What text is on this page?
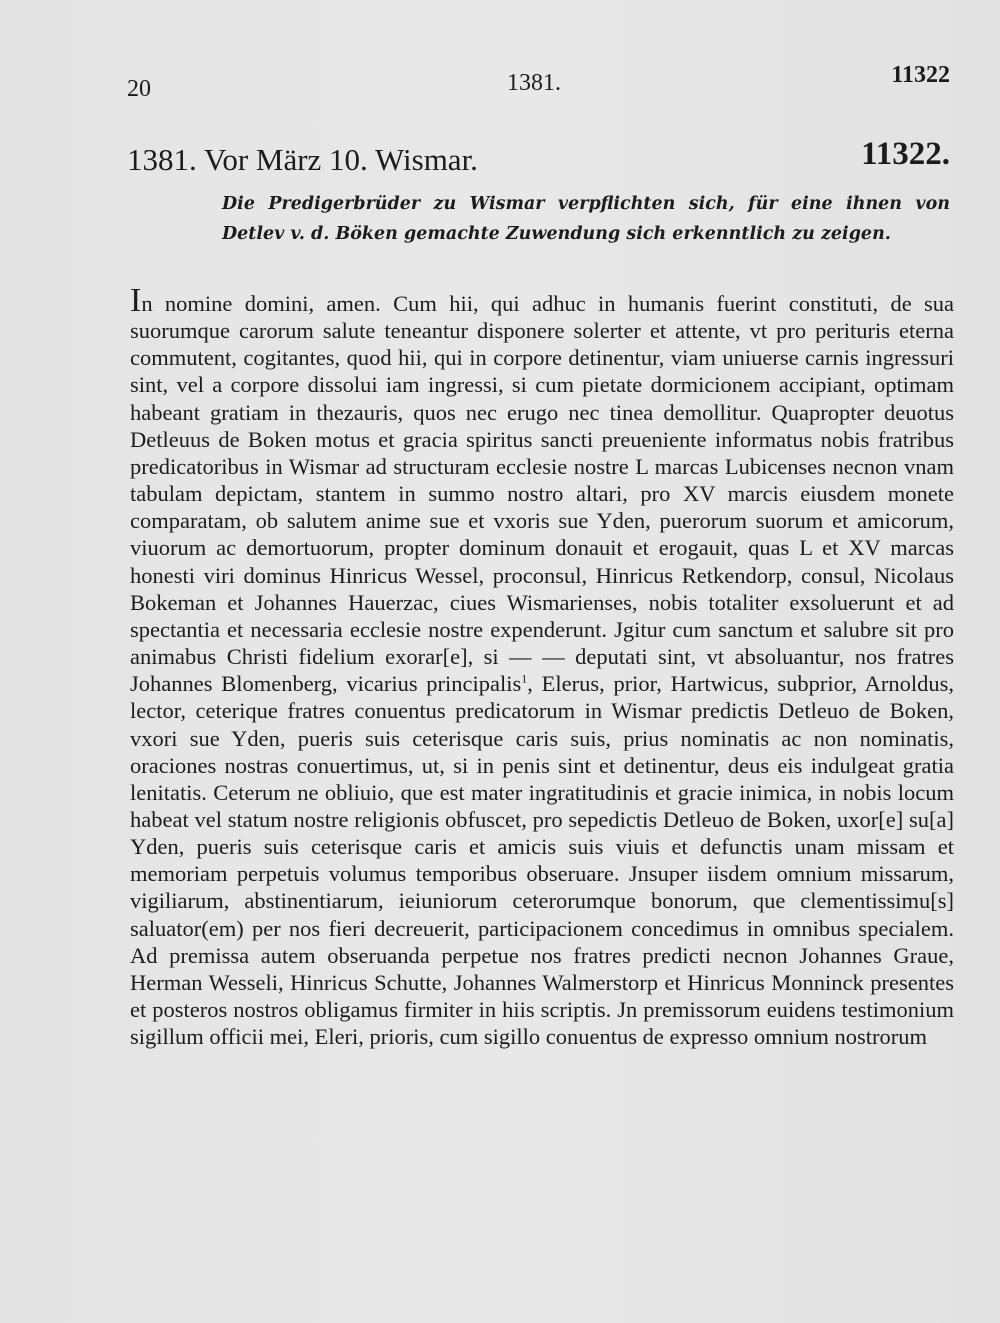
20	1381.	11322
1381. Vor März 10. Wismar.	11322.
Die Predigerbrüder zu Wismar verpflichten sich, für eine ihnen von Detlev v. d. Böken gemachte Zuwendung sich erkenntlich zu zeigen.
In nomine domini, amen. Cum hii, qui adhuc in humanis fuerint constituti, de sua suorumque carorum salute teneantur disponere solerter et attente, vt pro perituris eterna commutent, cogitantes, quod hii, qui in corpore detinentur, viam uniuerse carnis ingressuri sint, vel a corpore dissolui iam ingressi, si cum pietate dormicionem accipiant, optimam habeant gratiam in thezauris, quos nec erugo nec tinea demollitur. Quapropter deuotus Detleuus de Boken motus et gracia spiritus sancti preueniente informatus nobis fratribus predicatoribus in Wismar ad structuram ecclesie nostre L marcas Lubicenses necnon vnam tabulam depictam, stantem in summo nostro altari, pro XV marcis eiusdem monete comparatam, ob salutem anime sue et vxoris sue Yden, puerorum suorum et amicorum, viuorum ac demortuorum, propter dominum donauit et erogauit, quas L et XV marcas honesti viri dominus Hinricus Wessel, proconsul, Hinricus Retkendorp, consul, Nicolaus Bokeman et Johannes Hauerzac, ciues Wismarienses, nobis totaliter exsoluerunt et ad spectantia et necessaria ecclesie nostre expenderunt. Jgitur cum sanctum et salubre sit pro animabus Christi fidelium exorar[e], si — — deputati sint, vt absoluantur, nos fratres Johannes Blomenberg, vicarius principalis$^1$, Elerus, prior, Hartwicus, subprior, Arnoldus, lector, ceterique fratres conuentus predicatorum in Wismar predictis Detleuo de Boken, vxori sue Yden, pueris suis ceterisque caris suis, prius nominatis ac non nominatis, oraciones nostras conuertimus, ut, si in penis sint et detinentur, deus eis indulgeat gratia lenitatis. Ceterum ne obliuio, que est mater ingratitudinis et gracie inimica, in nobis locum habeat vel statum nostre religionis obfuscet, pro sepedictis Detleuo de Boken, uxor[e] su[a] Yden, pueris suis ceterisque caris et amicis suis viuis et defunctis unam missam et memoriam perpetuis volumus temporibus obseruare. Jnsuper iisdem omnium missarum, vigiliarum, abstinentiarum, ieiuniorum ceterorumque bonorum, que clementissimu[s] saluator(em) per nos fieri decreuerit, participacionem concedimus in omnibus specialem. Ad premissa autem obseruanda perpetue nos fratres predicti necnon Johannes Graue, Herman Wesseli, Hinricus Schutte, Johannes Walmerstorp et Hinricus Monninck presentes et posteros nostros obligamus firmiter in hiis scriptis. Jn premissorum euidens testimonium sigillum officii mei, Eleri, prioris, cum sigillo conuentus de expresso omnium nostrorum
